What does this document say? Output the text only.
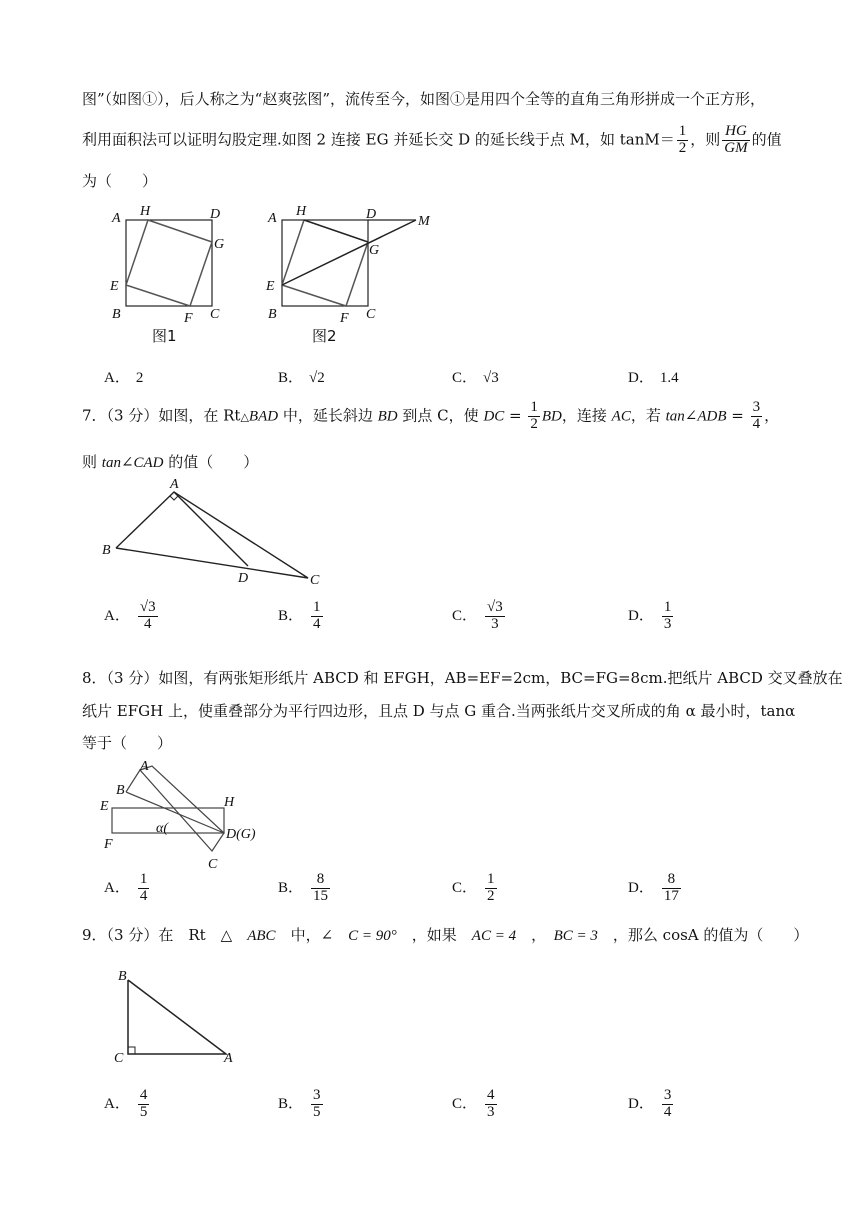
图”（如图①），后人称之为“赵爽弦图”，流传至今，如图①是用四个全等的直角三角形拼成一个正方形，
利用面积法可以证明勾股定理.如图 2 连接 EG 并延长交 D 的延长线于点 M，如 $\tan M= \frac{1}{2}$ ，则 $\frac{HG}{GM}$ 的值
为（　　）
A H	D
G
E
B	F C
图1
A H	D	M
G
E
B	F C
图2
A． 2	B． √2	C． √3	D． 1.4
7．（3 分）如图，在 Rt△BAD 中，延长斜边 BD 到点 C，使 DC = $\frac{1}{2}$ BD，连接 AC，若 tan∠ADB = $\frac{3}{4}$ ，
则 tan∠CAD 的值（　　）
A
B
D	C
A． $\frac{√3}{4}$	B． $\frac{1}{4}$	C． $\frac{√3}{3}$	D． $\frac{1}{3}$
8．（3 分）如图，有两张矩形纸片 ABCD 和 EFGH，AB=EF=2cm，BC=FG=8cm.把纸片 ABCD 交叉叠放在
纸片 EFGH 上，使重叠部分为平行四边形，且点 D 与点 G 重合.当两张纸片交叉所成的角 α 最小时，tanα
等于（　　）
A
B
E	H
α(	D(G)
F
C
A． $\frac{1}{4}$	B． $\frac{8}{15}$	C． $\frac{1}{2}$	D． $\frac{8}{17}$
9．（3 分）在　Rt　△　ABC　中，∠　C = 90°　，如果　AC = 4　，　BC = 3　，那么 cosA 的值为（　　）
B
C	A
A． $\frac{4}{5}$	B． $\frac{3}{5}$	C． $\frac{4}{3}$	D． $\frac{3}{4}$
